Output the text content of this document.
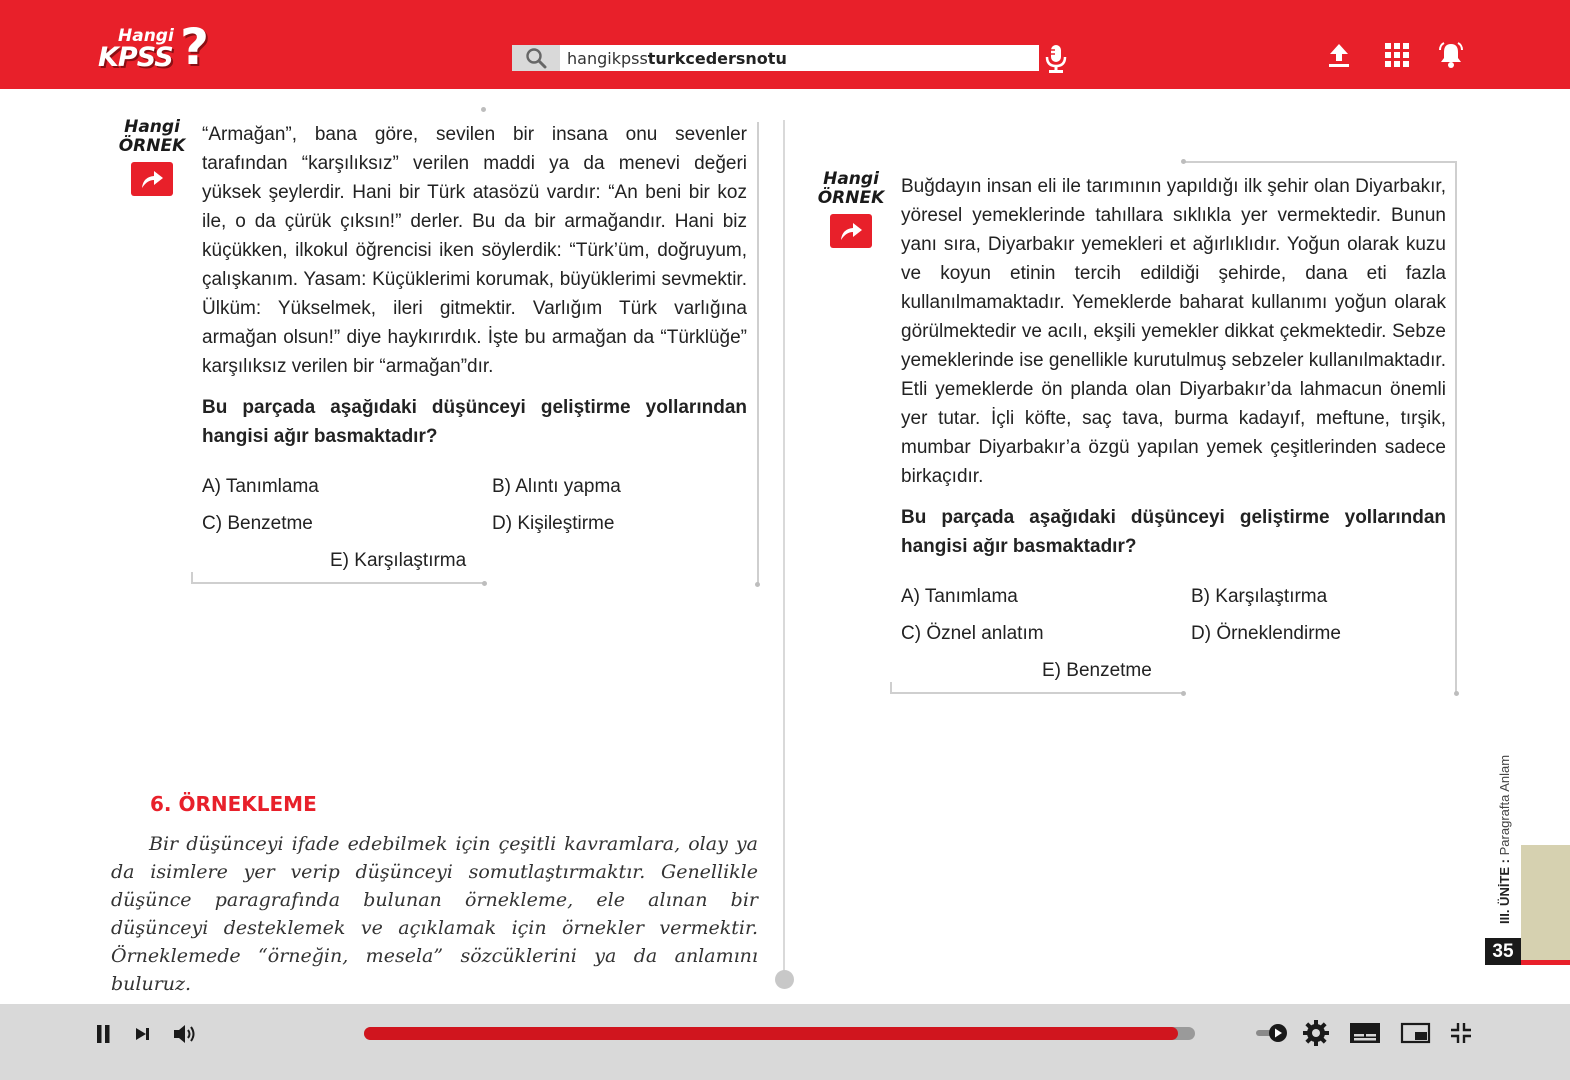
Hangi
KPSS ?	hangikpssturkcedersnotu
Hangi
ÖRNEK
“Armağan”, bana göre, sevilen bir insana onu sevenler tarafından “karşılıksız” verilen maddi ya da menevi değeri yüksek şeylerdir. Hani bir Türk atasözü vardır: “An beni bir koz ile, o da çürük çıksın!” derler. Bu da bir armağandır. Hani biz küçükken, ilkokul öğrencisi iken söylerdik: “Türk’üm, doğruyum, çalışkanım. Yasam: Küçüklerimi korumak, büyüklerimi sevmektir. Ülküm: Yükselmek, ileri gitmektir. Varlığım Türk varlığına armağan olsun!” diye haykırırdık. İşte bu armağan da “Türklüğe” karşılıksız verilen bir “armağan”dır.
Bu parçada aşağıdaki düşünceyi geliştirme yollarından hangisi ağır basmaktadır?
A) Tanımlama	B) Alıntı yapma
C) Benzetme	D) Kişileştirme
E) Karşılaştırma
6. ÖRNEKLEME
Bir düşünceyi ifade edebilmek için çeşitli kavramlara, olay ya da isimlere yer verip düşünceyi somutlaştırmaktır. Genellikle düşünce paragrafında bulunan örnekleme, ele alınan bir düşünceyi desteklemek ve açıklamak için örnekler vermektir. Örneklemede “örneğin, mesela” sözcüklerini ya da anlamını buluruz.
Hangi
ÖRNEK
Buğdayın insan eli ile tarımının yapıldığı ilk şehir olan Diyarbakır, yöresel yemeklerinde tahıllara sıklıkla yer vermektedir. Bunun yanı sıra, Diyarbakır yemekleri et ağırlıklıdır. Yoğun olarak kuzu ve koyun etinin tercih edildiği şehirde, dana eti fazla kullanılmamaktadır. Yemeklerde baharat kullanımı yoğun olarak görülmektedir ve acılı, ekşili yemekler dikkat çekmektedir. Sebze yemeklerinde ise genellikle kurutulmuş sebzeler kullanılmaktadır. Etli yemeklerde ön planda olan Diyarbakır’da lahmacun önemli yer tutar. İçli köfte, saç tava, burma kadayıf, meftune, tırşik, mumbar Diyarbakır’a özgü yapılan yemek çeşitlerinden sadece birkaçıdır.
Bu parçada aşağıdaki düşünceyi geliştirme yollarından hangisi ağır basmaktadır?
A) Tanımlama	B) Karşılaştırma
C) Öznel anlatım	D) Örneklendirme
E) Benzetme
III. ÜNİTE : Paragrafta Anlam
35
